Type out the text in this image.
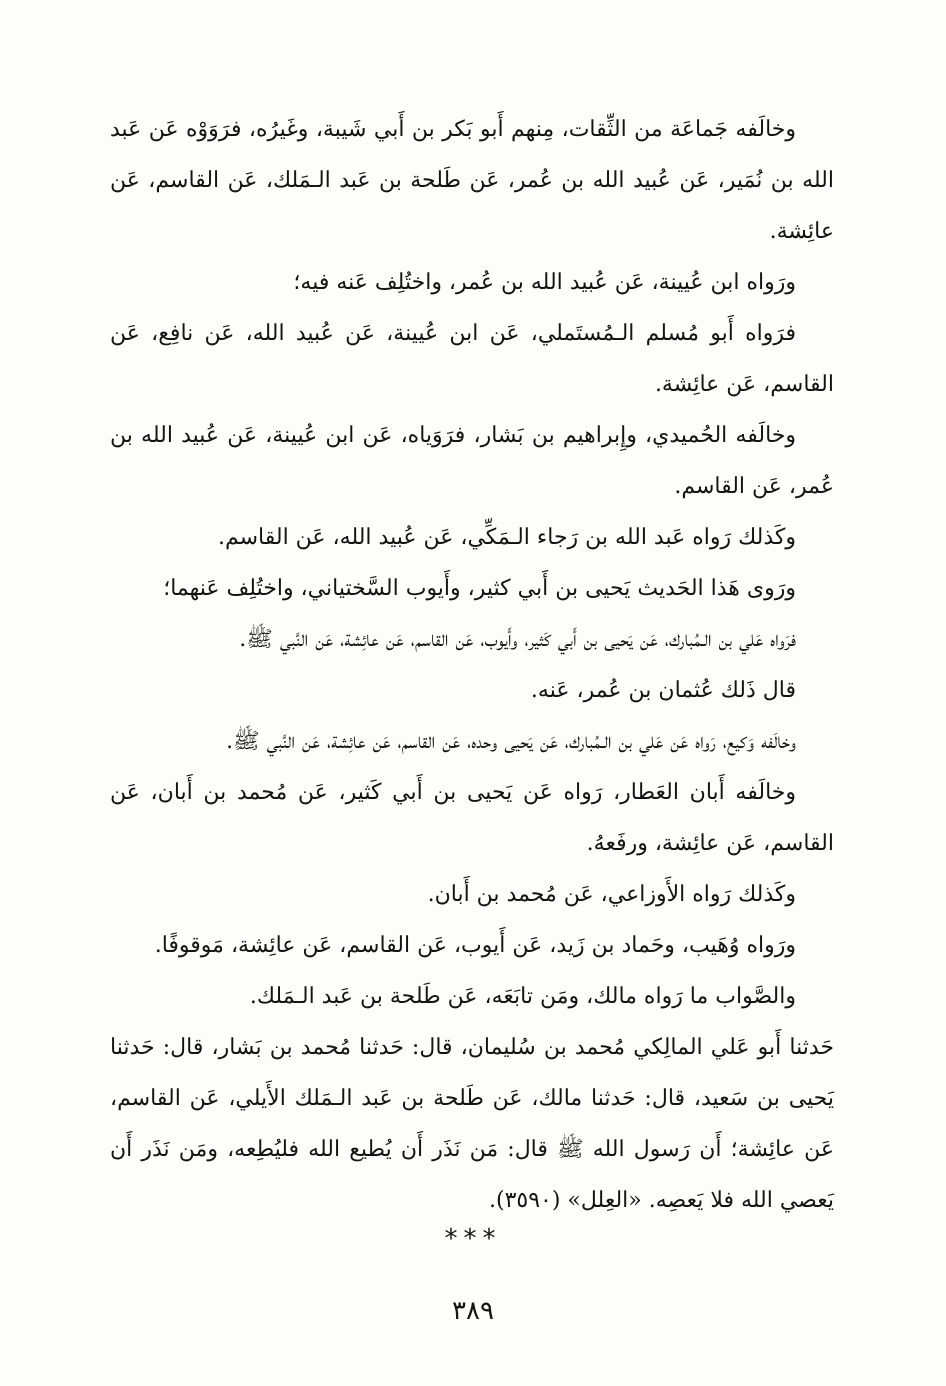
وخالَفه جَماعَة من الثِّقات، مِنهم أَبو بَكر بن أَبي شَيبة، وغَيرُه، فرَوَوْه عَن عَبد الله بن نُمَير، عَن عُبيد الله بن عُمر، عَن طَلحة بن عَبد الـمَلك، عَن القاسم، عَن عائِشة.

ورَواه ابن عُيينة، عَن عُبيد الله بن عُمر، واختُلِف عَنه فيه؛

فرَواه أَبو مُسلم الـمُستَملي، عَن ابن عُيينة، عَن عُبيد الله، عَن نافِع، عَن القاسم، عَن عائِشة.

وخالَفه الحُميدي، وإِبراهيم بن بَشار، فرَوَياه، عَن ابن عُيينة، عَن عُبيد الله بن عُمر، عَن القاسم.

وكَذلك رَواه عَبد الله بن رَجاء الـمَكِّي، عَن عُبيد الله، عَن القاسم.

ورَوى هَذا الحَديث يَحيى بن أَبي كثير، وأَيوب السَّختياني، واختُلِف عَنهما؛

فرَواه عَلي بن الـمُبارك، عَن يَحيى بن أَبي كَثير، وأَيوب، عَن القاسم، عَن عائِشة، عَن النَّبي ﷺ.

قال ذَلك عُثمان بن عُمر، عَنه.

وخالَفه وَكيع، رَواه عَن عَلي بن الـمُبارك، عَن يَحيى وحده، عَن القاسم، عَن عائِشة، عَن النَّبي ﷺ.

وخالَفه أَبان العَطار، رَواه عَن يَحيى بن أَبي كَثير، عَن مُحمد بن أَبان، عَن القاسم، عَن عائِشة، ورفَعهُ.

وكَذلك رَواه الأَوزاعي، عَن مُحمد بن أَبان.

ورَواه وُهَيب، وحَماد بن زَيد، عَن أَيوب، عَن القاسم، عَن عائِشة، مَوقوفًا.

والصَّواب ما رَواه مالك، ومَن تابَعَه، عَن طَلحة بن عَبد الـمَلك.

حَدثنا أَبو عَلي المالِكي مُحمد بن سُليمان، قال: حَدثنا مُحمد بن بَشار، قال: حَدثنا يَحيى بن سَعيد، قال: حَدثنا مالك، عَن طَلحة بن عَبد الـمَلك الأَيلي، عَن القاسم، عَن عائِشة؛ أَن رَسول الله ﷺ قال: مَن نَذَر أَن يُطيع الله فليُطِعه، ومَن نَذَر أَن يَعصي الله فلا يَعصِه. «العِلل» (٣٥٩٠).

***
٣٨٩
